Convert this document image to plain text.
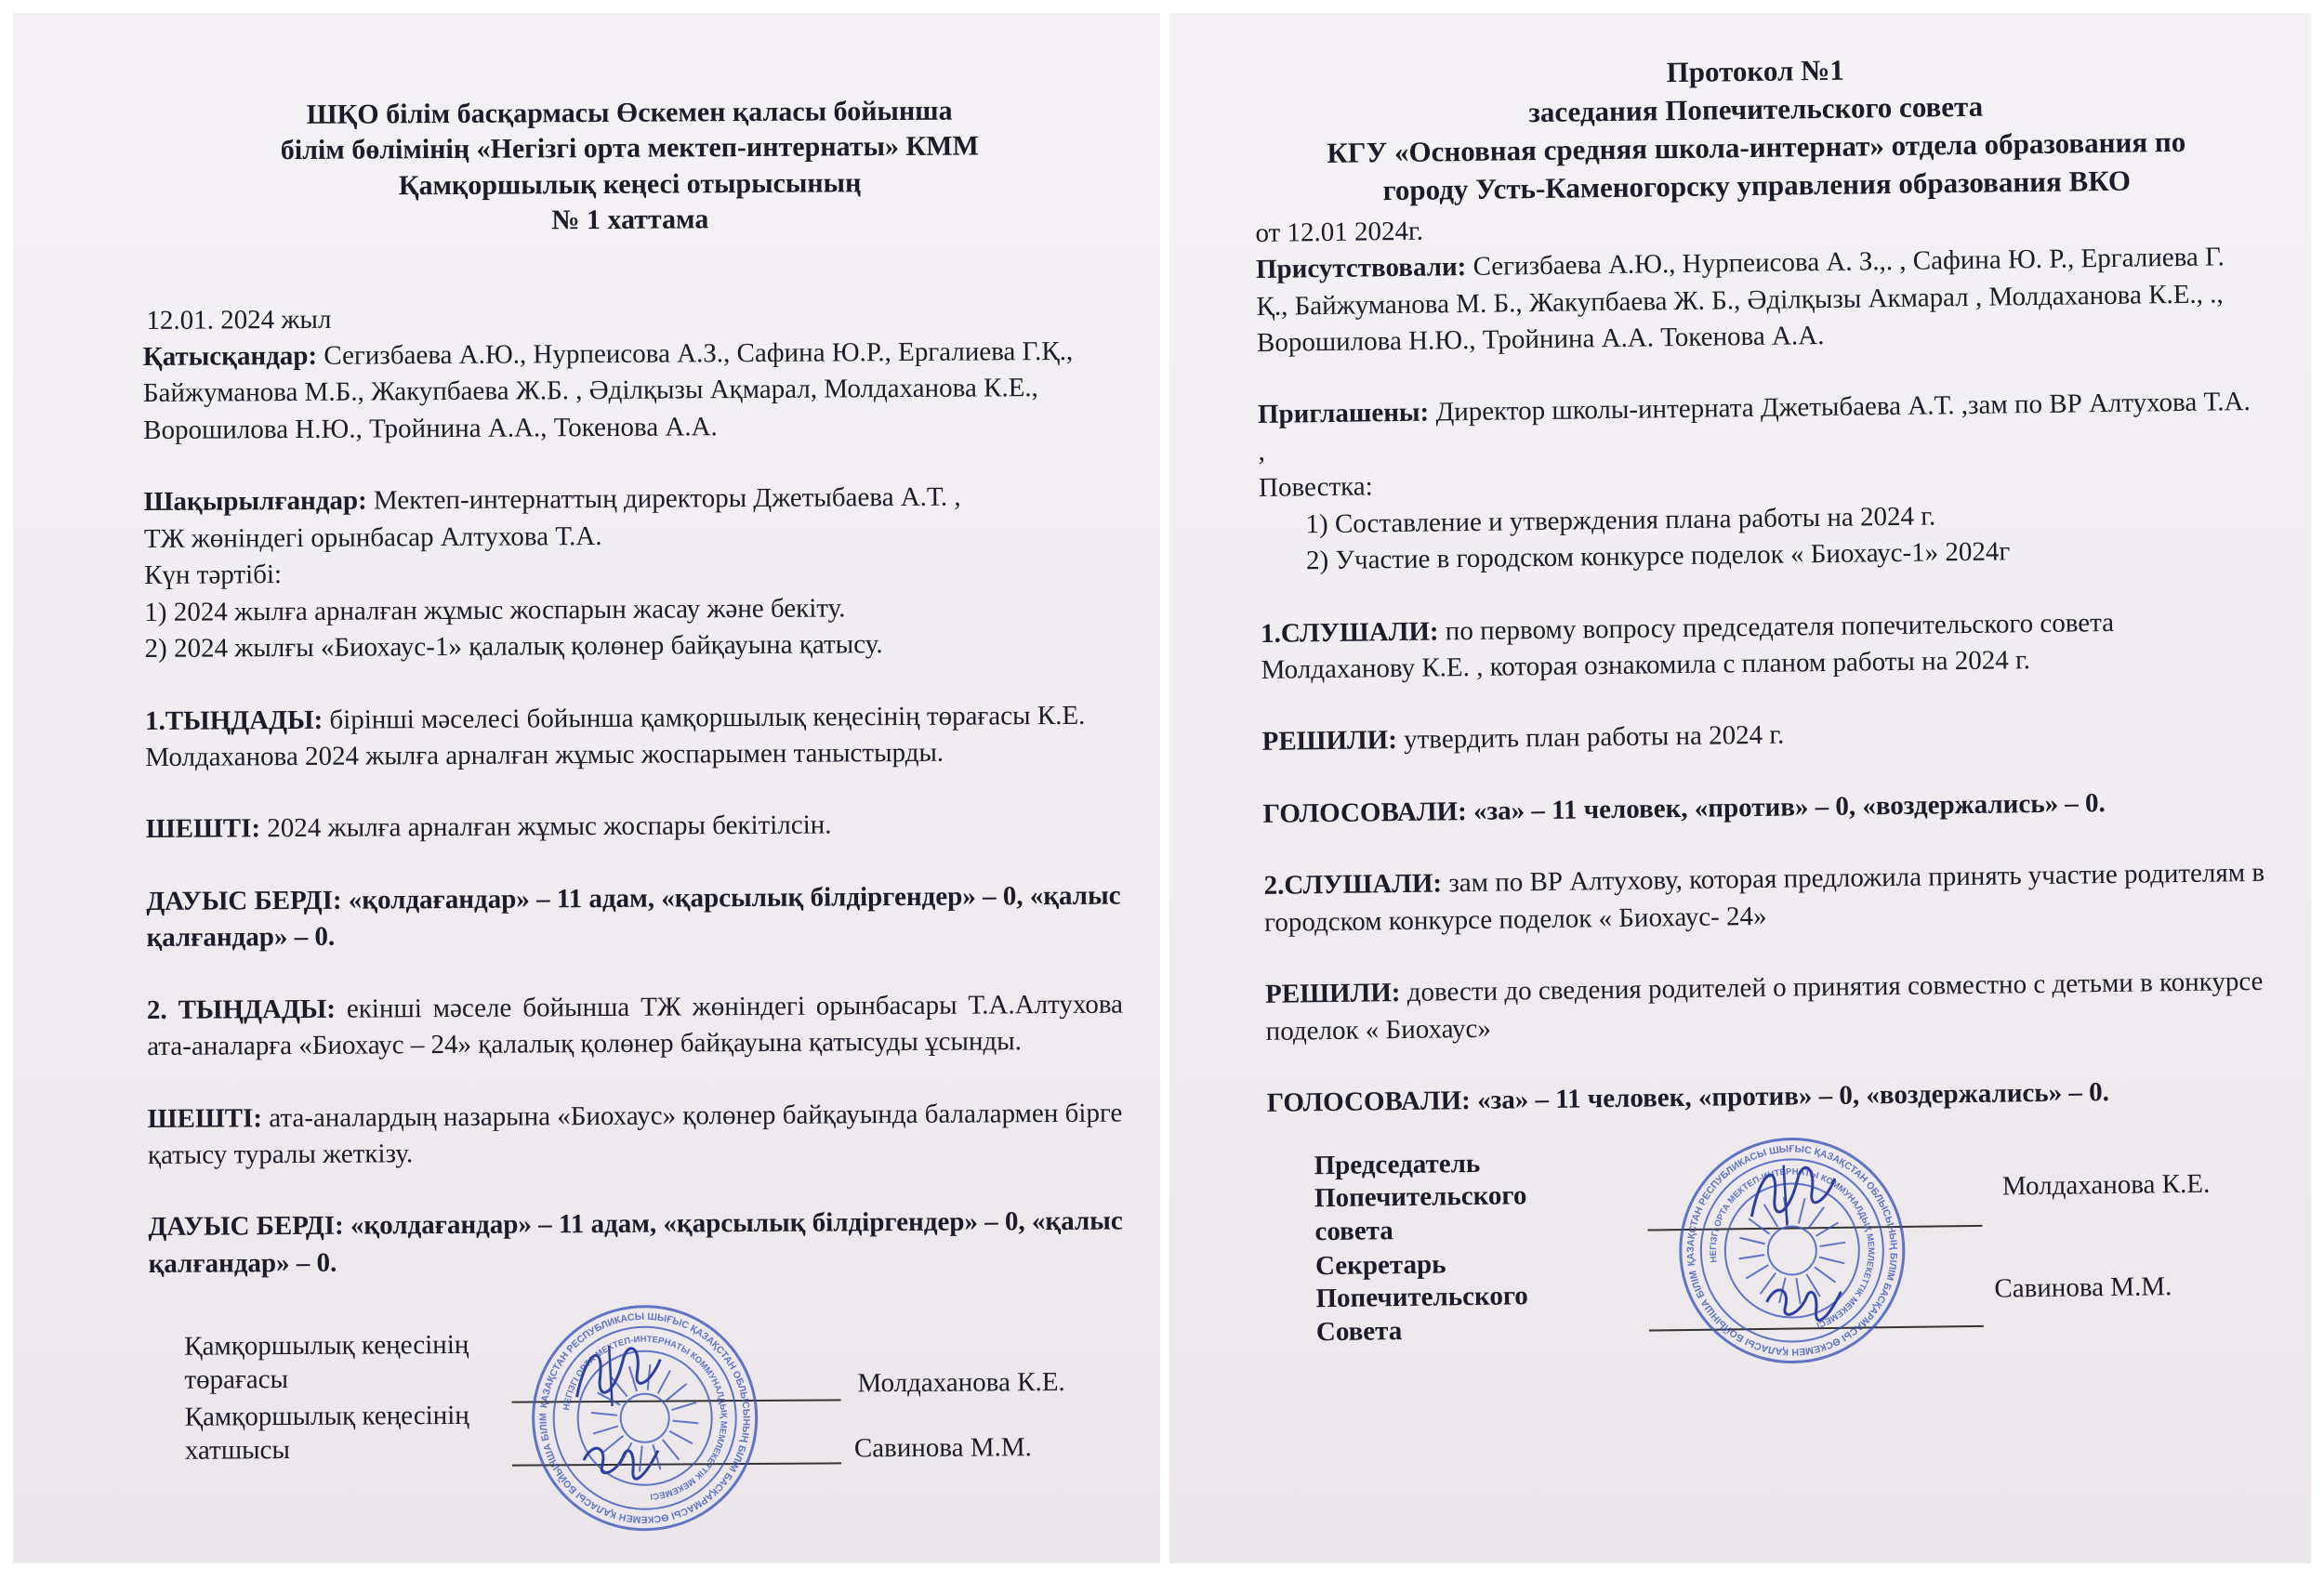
ШҚО білім басқармасы Өскемен қаласы бойынша
білім бөлімінің «Негізгі орта мектеп-интернаты» КММ
Қамқоршылық кеңесі отырысының
№ 1 хаттама

12.01. 2024 жыл

Қатысқандар: Сегизбаева А.Ю., Нурпеисова А.З., Сафина Ю.Р., Ергалиева Г.Қ., Байжуманова М.Б., Жакупбаева Ж.Б. , Әділқызы Ақмарал, Молдаханова К.Е., Ворошилова Н.Ю., Тройнина А.А., Токенова А.А.

Шақырылғандар: Мектеп-интернаттың директоры Джетыбаева А.Т. ,

ТЖ жөніндегі орынбасар Алтухова Т.А.

Күн тәртібі:

1) 2024 жылға арналған жұмыс жоспарын жасау және бекіту.
2) 2024 жылғы «Биохаус-1» қалалық қолөнер байқауына қатысу.

1.ТЫҢДАДЫ: бірінші мәселесі бойынша қамқоршылық кеңесінің төрағасы К.Е. Молдаханова 2024 жылға арналған жұмыс жоспарымен таныстырды.

ШЕШТІ: 2024 жылға арналған жұмыс жоспары бекітілсін.

ДАУЫС БЕРДІ: «қолдағандар» – 11 адам, «қарсылық білдіргендер» – 0, «қалыс қалғандар» – 0.

2. ТЫҢДАДЫ: екінші мәселе бойынша ТЖ жөніндегі орынбасары Т.А.Алтухова ата-аналарға «Биохаус – 24» қалалық қолөнер байқауына қатысуды ұсынды.

ШЕШТІ: ата-аналардың назарына «Биохаус» қолөнер байқауында балалармен бірге қатысу туралы жеткізу.

ДАУЫС БЕРДІ: «қолдағандар» – 11 адам, «қарсылық білдіргендер» – 0, «қалыс қалғандар» – 0.

Қамқоршылық кеңесінің төрағасы	Молдаханова К.Е.
Қамқоршылық кеңесінің хатшысы	Савинова М.М.
ҚАЗАҚСТАН РЕСПУБЛИКАСЫ ШЫҒЫС ҚАЗАҚСТАН ОБЛЫСЫНЫҢ БІЛІМ БАСҚАРМАСЫ ӨСКЕМЕН ҚАЛАСЫ БОЙЫНША БІЛІМ
НЕГІЗГІ ОРТА МЕКТЕП-ИНТЕРНАТЫ КОММУНАЛДЫҚ МЕМЛЕКЕТТІК МЕКЕМЕСІ
Протокол №1
заседания Попечительского совета
КГУ «Основная средняя школа-интернат» отдела образования по
городу Усть-Каменогорску управления образования ВКО

от 12.01 2024г.

Присутствовали: Сегизбаева А.Ю., Нурпеисова А. З.,. , Сафина Ю. Р., Ергалиева Г. Қ., Байжуманова М. Б., Жакупбаева Ж. Б., Әділқызы Акмарал , Молдаханова К.Е., ., Ворошилова Н.Ю., Тройнина А.А. Токенова А.А.

Приглашены: Директор школы-интерната Джетыбаева А.Т. ,зам по ВР Алтухова Т.А. ,

Повестка:

1) Составление и утверждения плана работы на 2024 г.
2) Участие в городском конкурсе поделок « Биохаус-1» 2024г

1.СЛУШАЛИ: по первому вопросу председателя попечительского совета Молдаханову К.Е. , которая ознакомила с планом работы на 2024 г.

РЕШИЛИ: утвердить план работы на 2024 г.

ГОЛОСОВАЛИ: «за» – 11 человек, «против» – 0, «воздержались» – 0.

2.СЛУШАЛИ: зам по ВР Алтухову, которая предложила принять участие родителям в городском конкурсе поделок « Биохаус- 24»

РЕШИЛИ: довести до сведения родителей о принятия совместно с детьми в конкурсе поделок « Биохаус»

ГОЛОСОВАЛИ: «за» – 11 человек, «против» – 0, «воздержались» – 0.

Председатель Попечительского совета
Молдаханова К.Е.
Секретарь Попечительского Совета
Савинова М.М.
ҚАЗАҚСТАН РЕСПУБЛИКАСЫ ШЫҒЫС ҚАЗАҚСТАН ОБЛЫСЫНЫҢ БІЛІМ БАСҚАРМАСЫ ӨСКЕМЕН ҚАЛАСЫ БОЙЫНША БІЛІМ
НЕГІЗГІ ОРТА МЕКТЕП-ИНТЕРНАТЫ КОММУНАЛДЫҚ МЕМЛЕКЕТТІК МЕКЕМЕСІ
